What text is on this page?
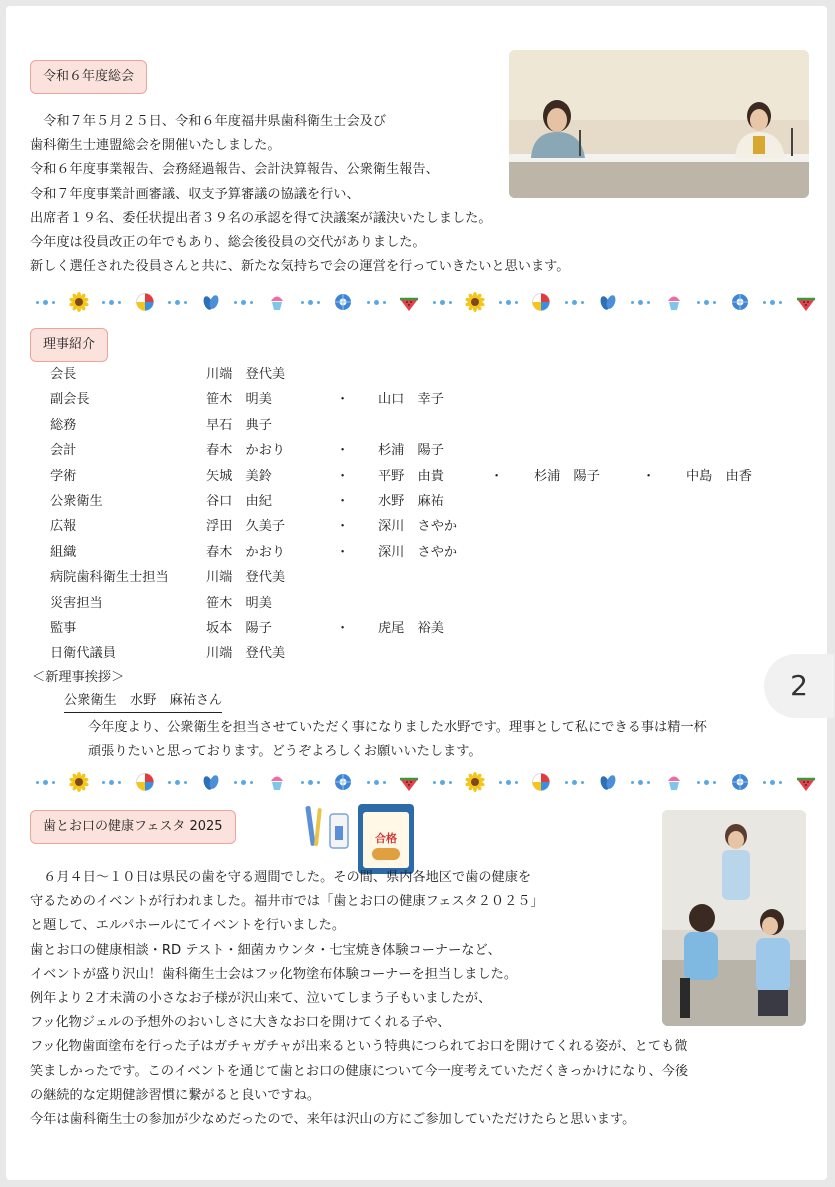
令和６年度総会
　令和７年５月２５日、令和６年度福井県歯科衛生士会及び
歯科衛生士連盟総会を開催いたしました。
令和６年度事業報告、会務経過報告、会計決算報告、公衆衛生報告、
令和７年度事業計画審議、収支予算審議の協議を行い、
出席者１９名、委任状提出者３９名の承認を得て決議案が議決いたしました。
今年度は役員改正の年でもあり、総会後役員の交代がありました。
新しく選任された役員さんと共に、新たな気持ちで会の運営を行っていきたいと思います。
理事紹介
会長	川端　登代美
副会長	笹木　明美	・ 山口　幸子
総務	早石　典子
会計	春木　かおり	・ 杉浦　陽子
学術	矢城　美鈴	・ 平野　由貴	・ 杉浦　陽子	・ 中島　由香
公衆衛生	谷口　由紀	・ 水野　麻祐
広報	浮田　久美子	・ 深川　さやか
組織	春木　かおり	・ 深川　さやか
病院歯科衛生士担当	川端　登代美
災害担当	笹木　明美
監事	坂本　陽子	・ 虎尾　裕美
日衛代議員	川端　登代美
＜新理事挨拶＞
公衆衛生　水野　麻祐さん
今年度より、公衆衛生を担当させていただく事になりました水野です。理事として私にできる事は精一杯
頑張りたいと思っております。どうぞよろしくお願いいたします。
歯とお口の健康フェスタ 2025
合格
　６月４日～１０日は県民の歯を守る週間でした。その間、県内各地区で歯の健康を
守るためのイベントが行われました。福井市では「歯とお口の健康フェスタ２０２５」
と題して、エルパホールにてイベントを行いました。
歯とお口の健康相談・RD テスト・細菌カウンタ・七宝焼き体験コーナーなど、
イベントが盛り沢山！歯科衛生士会はフッ化物塗布体験コーナーを担当しました。
例年より２才未満の小さなお子様が沢山来て、泣いてしまう子もいましたが、
フッ化物ジェルの予想外のおいしさに大きなお口を開けてくれる子や、
フッ化物歯面塗布を行った子はガチャガチャが出来るという特典につられてお口を開けてくれる姿が、とても微
笑ましかったです。このイベントを通じて歯とお口の健康について今一度考えていただくきっかけになり、今後
の継続的な定期健診習慣に繋がると良いですね。
今年は歯科衛生士の参加が少なめだったので、来年は沢山の方にご参加していただけたらと思います。
2
